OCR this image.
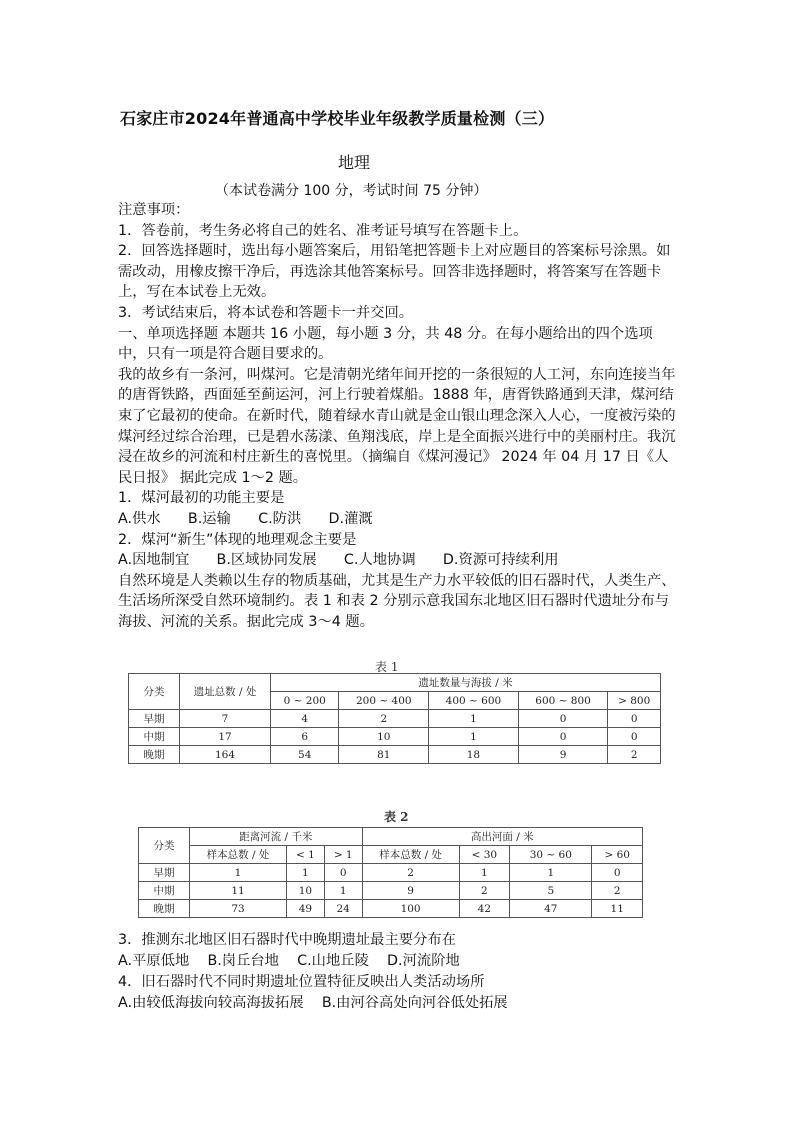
石家庄市2024年普通高中学校毕业年级教学质量检测（三）
地理
（本试卷满分 100 分，考试时间 75 分钟）

注意事项：

1．答卷前，考生务必将自己的姓名、准考证号填写在答题卡上。

2．回答选择题时，选出每小题答案后，用铅笔把答题卡上对应题目的答案标号涂黑。如需改动，用橡皮擦干净后，再选涂其他答案标号。回答非选择题时，将答案写在答题卡上，写在本试卷上无效。

3．考试结束后，将本试卷和答题卡一并交回。

一、单项选择题 本题共 16 小题，每小题 3 分，共 48 分。在每小题给出的四个选项中，只有一项是符合题目要求的。

我的故乡有一条河，叫煤河。它是清朝光绪年间开挖的一条很短的人工河，东向连接当年的唐胥铁路，西面延至蓟运河，河上行驶着煤船。1888 年，唐胥铁路通到天津，煤河结束了它最初的使命。在新时代，随着绿水青山就是金山银山理念深入人心，一度被污染的煤河经过综合治理，已是碧水荡漾、鱼翔浅底，岸上是全面振兴进行中的美丽村庄。我沉浸在故乡的河流和村庄新生的喜悦里。（摘编自《煤河漫记》 2024 年 04 月 17 日《人民日报》 据此完成 1～2 题。

1．煤河最初的功能主要是

A.供水      B.运输      C.防洪      D.灌溉

2．煤河“新生”体现的地理观念主要是

A.因地制宜      B.区域协同发展      C.人地协调      D.资源可持续利用

自然环境是人类赖以生存的物质基础，尤其是生产力水平较低的旧石器时代，人类生产、生活场所深受自然环境制约。表 1 和表 2 分别示意我国东北地区旧石器时代遗址分布与海拔、河流的关系。据此完成 3～4 题。

表 1
分类	遗址总数 / 处	遗址数量与海拔 / 米				
		0 ~ 200	200 ~ 400	400 ~ 600	600 ~ 800	> 800
早期	7	4	2	1	0	0
中期	17	6	10	1	0	0
晚期	164	54	81	18	9	2
表 2
分类	距离河流 / 千米			高出河面 / 米			
	样本总数 / 处	< 1	> 1	样本总数 / 处	< 30	30 ~ 60	> 60
早期	1	1	0	2	1	1	0
中期	11	10	1	9	2	5	2
晚期	73	49	24	100	42	47	11

3．推测东北地区旧石器时代中晚期遗址最主要分布在

A.平原低地    B.岗丘台地    C.山地丘陵    D.河流阶地

4．旧石器时代不同时期遗址位置特征反映出人类活动场所

A.由较低海拔向较高海拔拓展    B.由河谷高处向河谷低处拓展
